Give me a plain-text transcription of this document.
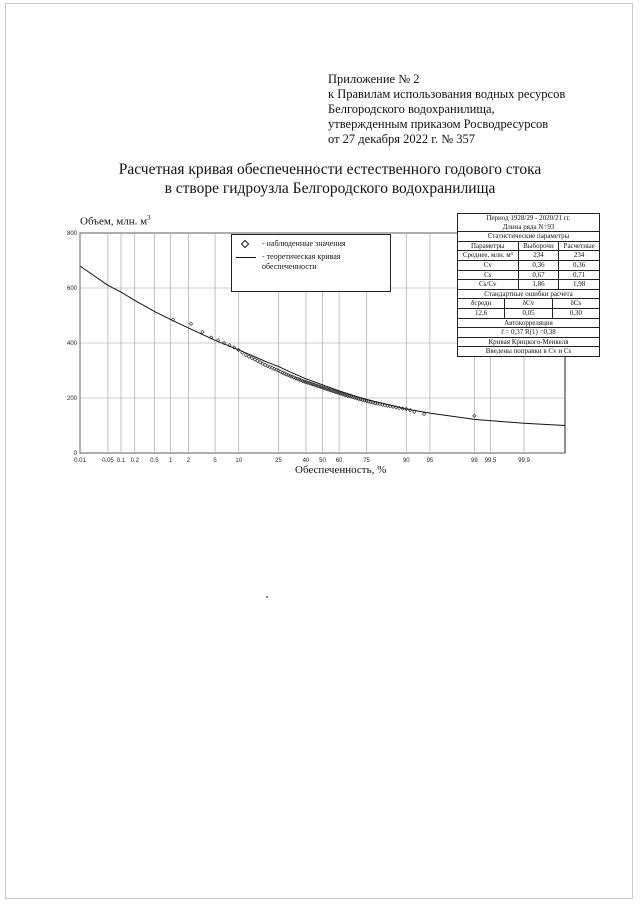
Приложение № 2
к Правилам использования водных ресурсов
Белгородского водохранилища,
утвержденным приказом Росводресурсов
от 27 декабря 2022 г. № 357
Расчетная кривая обеспеченности естественного годового стока
в створе гидроузла Белгородского водохранилища
0.01	0.05 0.1 0.2 0.5 1 2	5	10	25	40 50 60	75	90	95	99	99.9
99.5
0
200
400
600
800
Объем, млн. $м^3$
Обеспеченность, %
- наблюденные значения
- теоретическая кривая
обеспеченности
Период 1928/29 - 2020/21 гг.
Длина ряда N=93
Статистические параметры
Параметры	Выборочн	Расчетные
Среднее, млн. м³	234	234
Cv	0,36	0,36
Cs	0,67	0,71
Cs/Cv	1,86	1,98
Стандартные ошибки расчета
δсредн	δCv	δCs
12,6	0,05	0,30
Автокорреляция
r̄ = 0,37 R(1) =0,38
Кривая Крицкого-Менкеля
Введены поправки в Cv и Cs
